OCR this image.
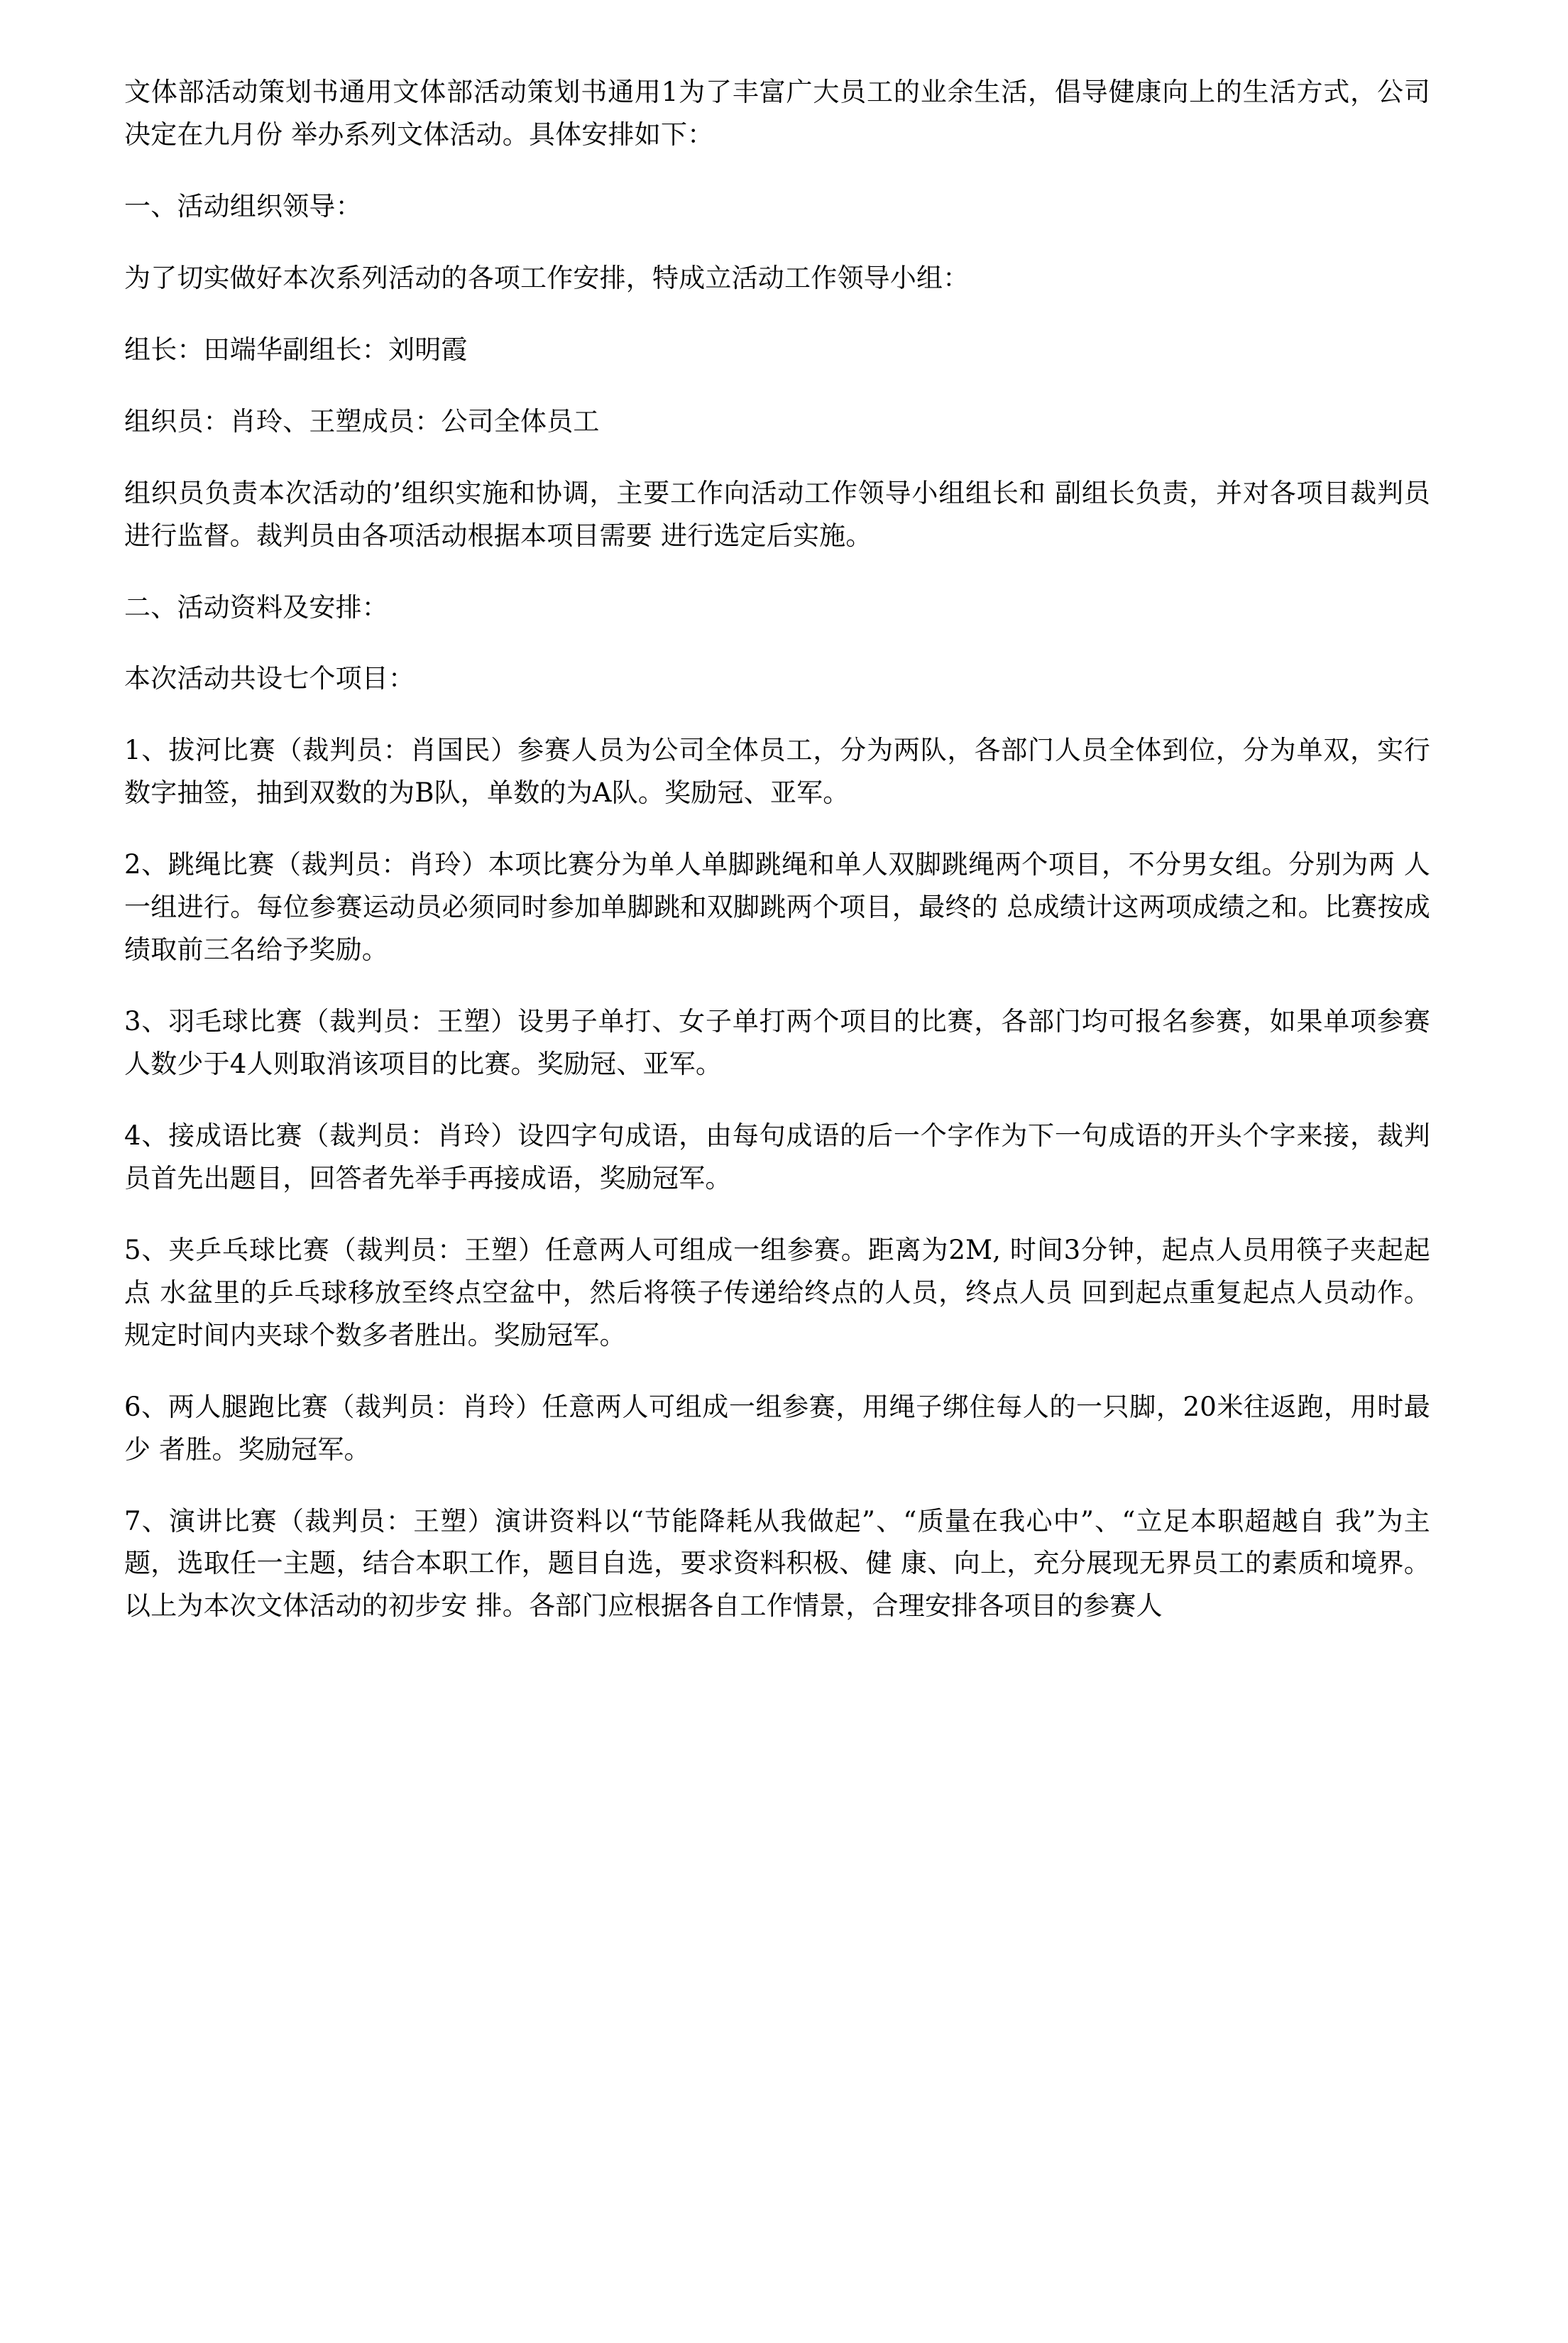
文体部活动策划书通用文体部活动策划书通用1为了丰富广大员工的业余生活，倡导健康向上的生活方式，公司决定在九月份 举办系列文体活动。具体安排如下：

一、活动组织领导：

为了切实做好本次系列活动的各项工作安排，特成立活动工作领导小组：

组长：田端华副组长：刘明霞

组织员：肖玲、王塑成员：公司全体员工

组织员负责本次活动的’组织实施和协调，主要工作向活动工作领导小组组长和 副组长负责，并对各项目裁判员进行监督。裁判员由各项活动根据本项目需要 进行选定后实施。

二、活动资料及安排：

本次活动共设七个项目：

1、拔河比赛（裁判员：肖国民）参赛人员为公司全体员工，分为两队，各部门人员全体到位，分为单双，实行 数字抽签，抽到双数的为B队，单数的为A队。奖励冠、亚军。

2、跳绳比赛（裁判员：肖玲）本项比赛分为单人单脚跳绳和单人双脚跳绳两个项目，不分男女组。分别为两 人一组进行。每位参赛运动员必须同时参加单脚跳和双脚跳两个项目，最终的 总成绩计这两项成绩之和。比赛按成绩取前三名给予奖励。

3、羽毛球比赛（裁判员：王塑）设男子单打、女子单打两个项目的比赛，各部门均可报名参赛，如果单项参赛 人数少于4人则取消该项目的比赛。奖励冠、亚军。

4、接成语比赛（裁判员：肖玲）设四字句成语，由每句成语的后一个字作为下一句成语的开头个字来接，裁判 员首先出题目，回答者先举手再接成语，奖励冠军。

5、夹乒乓球比赛（裁判员：王塑）任意两人可组成一组参赛。距离为2M, 时间3分钟，起点人员用筷子夹起起点 水盆里的乒乓球移放至终点空盆中，然后将筷子传递给终点的人员，终点人员 回到起点重复起点人员动作。规定时间内夹球个数多者胜出。奖励冠军。

6、两人腿跑比赛（裁判员：肖玲）任意两人可组成一组参赛，用绳子绑住每人的一只脚，20米往返跑，用时最少 者胜。奖励冠军。

7、演讲比赛（裁判员：王塑）演讲资料以“节能降耗从我做起”、“质量在我心中”、“立足本职超越自 我”为主题，选取任一主题，结合本职工作，题目自选，要求资料积极、健 康、向上，充分展现无界员工的素质和境界。以上为本次文体活动的初步安 排。各部门应根据各自工作情景，合理安排各项目的参赛人
